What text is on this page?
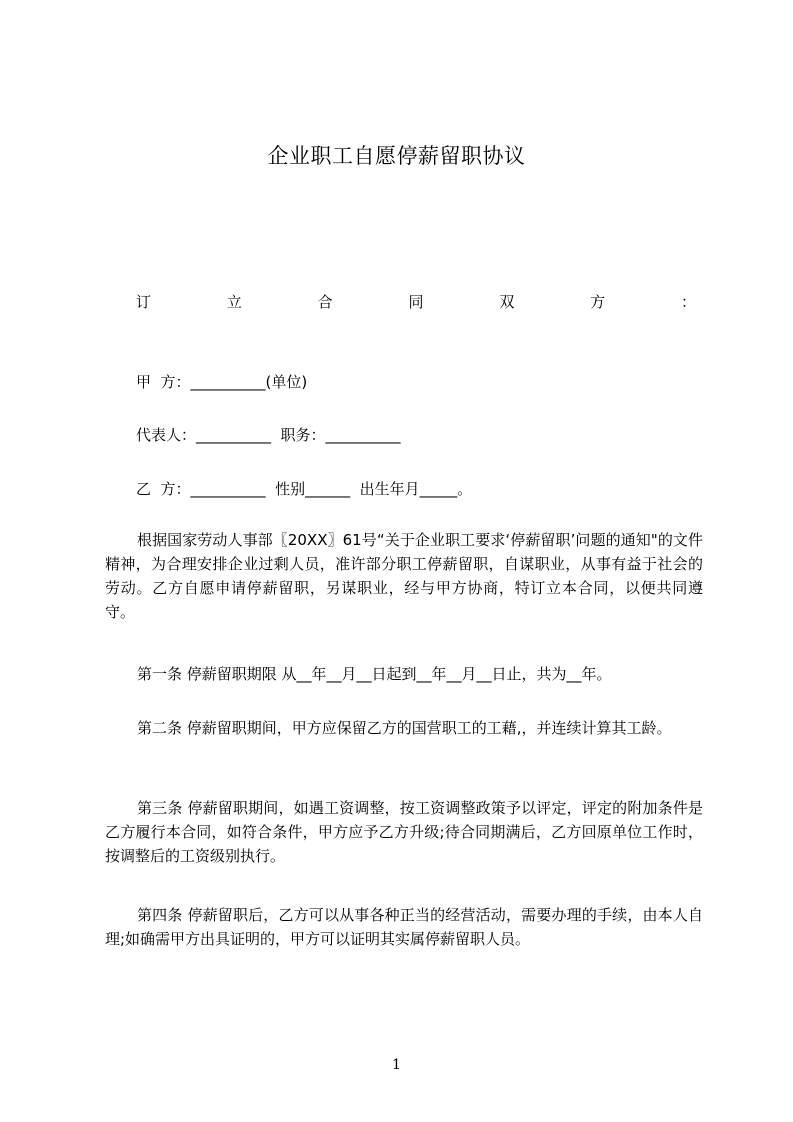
企业职工自愿停薪留职协议
订	立	合	同	双	方	：
甲  方：__________(单位)
代表人：__________  职务：__________
乙  方：__________  性别______  出生年月_____。
根据国家劳动人事部〖20XX〗61号“关于企业职工要求‘停薪留职’问题的通知"的文件精神，为合理安排企业过剩人员，准许部分职工停薪留职，自谋职业，从事有益于社会的劳动。乙方自愿申请停薪留职，另谋职业，经与甲方协商，特订立本合同，以便共同遵守。
第一条 停薪留职期限 从__年__月__日起到__年__月__日止，共为__年。
第二条 停薪留职期间，甲方应保留乙方的国营职工的工藉,，并连续计算其工龄。
第三条 停薪留职期间，如遇工资调整，按工资调整政策予以评定，评定的附加条件是乙方履行本合同，如符合条件，甲方应予乙方升级;待合同期满后，乙方回原单位工作时，按调整后的工资级别执行。
第四条 停薪留职后，乙方可以从事各种正当的经营活动，需要办理的手续，由本人自理;如确需甲方出具证明的，甲方可以证明其实属停薪留职人员。
1
